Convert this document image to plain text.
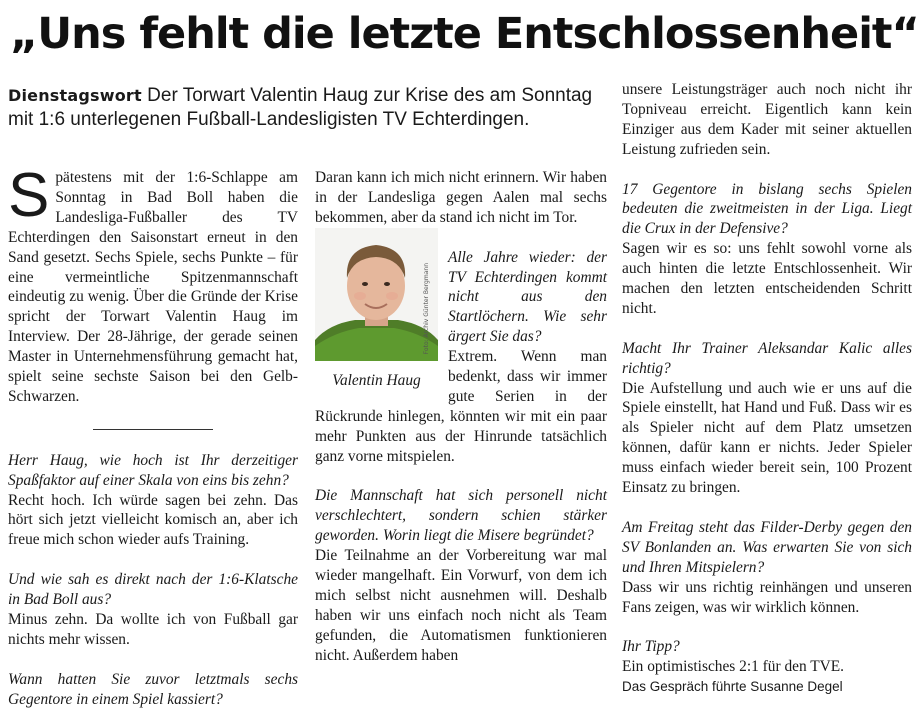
„Uns fehlt die letzte Entschlossenheit“
Dienstagswort Der Torwart Valentin Haug zur Krise des am Sonntag mit 1:6 unterlegenen Fußball-Landesligisten TV Echterdingen.

Spätestens mit der 1:6-Schlappe am Sonntag in Bad Boll haben die Landesliga-Fußballer des TV Echterdingen den Saisonstart erneut in den Sand gesetzt. Sechs Spiele, sechs Punkte – für eine vermeintliche Spitzenmannschaft eindeutig zu wenig. Über die Gründe der Krise spricht der Torwart Valentin Haug im Interview. Der 28-Jährige, der gerade seinen Master in Unternehmensführung gemacht hat, spielt seine sechste Saison bei den Gelb-Schwarzen.

Herr Haug, wie hoch ist Ihr derzeitiger Spaßfaktor auf einer Skala von eins bis zehn?

Recht hoch. Ich würde sagen bei zehn. Das hört sich jetzt vielleicht komisch an, aber ich freue mich schon wieder aufs Training.

Und wie sah es direkt nach der 1:6-Klatsche in Bad Boll aus?

Minus zehn. Da wollte ich von Fußball gar nichts mehr wissen.

Wann hatten Sie zuvor letztmals sechs Gegentore in einem Spiel kassiert?

Daran kann ich mich nicht erinnern. Wir haben in der Landesliga gegen Aalen mal sechs bekommen, aber da stand ich nicht im Tor.

Foto: Archiv Günter Bergmann
Valentin Haug

Alle Jahre wieder: der TV Echterdingen kommt nicht aus den Startlöchern. Wie sehr ärgert Sie das?

Extrem. Wenn man bedenkt, dass wir immer gute Serien in der Rückrunde hinlegen, könnten wir mit ein paar mehr Punkten aus der Hinrunde tatsächlich ganz vorne mitspielen.

Die Mannschaft hat sich personell nicht verschlechtert, sondern schien stärker geworden. Worin liegt die Misere begründet?

Die Teilnahme an der Vorbereitung war mal wieder mangelhaft. Ein Vorwurf, von dem ich mich selbst nicht ausnehmen will. Deshalb haben wir uns einfach noch nicht als Team gefunden, die Automatismen funktionieren nicht. Außerdem haben

unsere Leistungsträger auch noch nicht ihr Topniveau erreicht. Eigentlich kann kein Einziger aus dem Kader mit seiner aktuellen Leistung zufrieden sein.

17 Gegentore in bislang sechs Spielen bedeuten die zweitmeisten in der Liga. Liegt die Crux in der Defensive?

Sagen wir es so: uns fehlt sowohl vorne als auch hinten die letzte Entschlossenheit. Wir machen den letzten entscheidenden Schritt nicht.

Macht Ihr Trainer Aleksandar Kalic alles richtig?

Die Aufstellung und auch wie er uns auf die Spiele einstellt, hat Hand und Fuß. Dass wir es als Spieler nicht auf dem Platz umsetzen können, dafür kann er nichts. Jeder Spieler muss einfach wieder bereit sein, 100 Prozent Einsatz zu bringen.

Am Freitag steht das Filder-Derby gegen den SV Bonlanden an. Was erwarten Sie von sich und Ihren Mitspielern?

Dass wir uns richtig reinhängen und unseren Fans zeigen, was wir wirklich können.

Ihr Tipp?

Ein optimistisches 2:1 für den TVE.

Das Gespräch führte Susanne Degel
